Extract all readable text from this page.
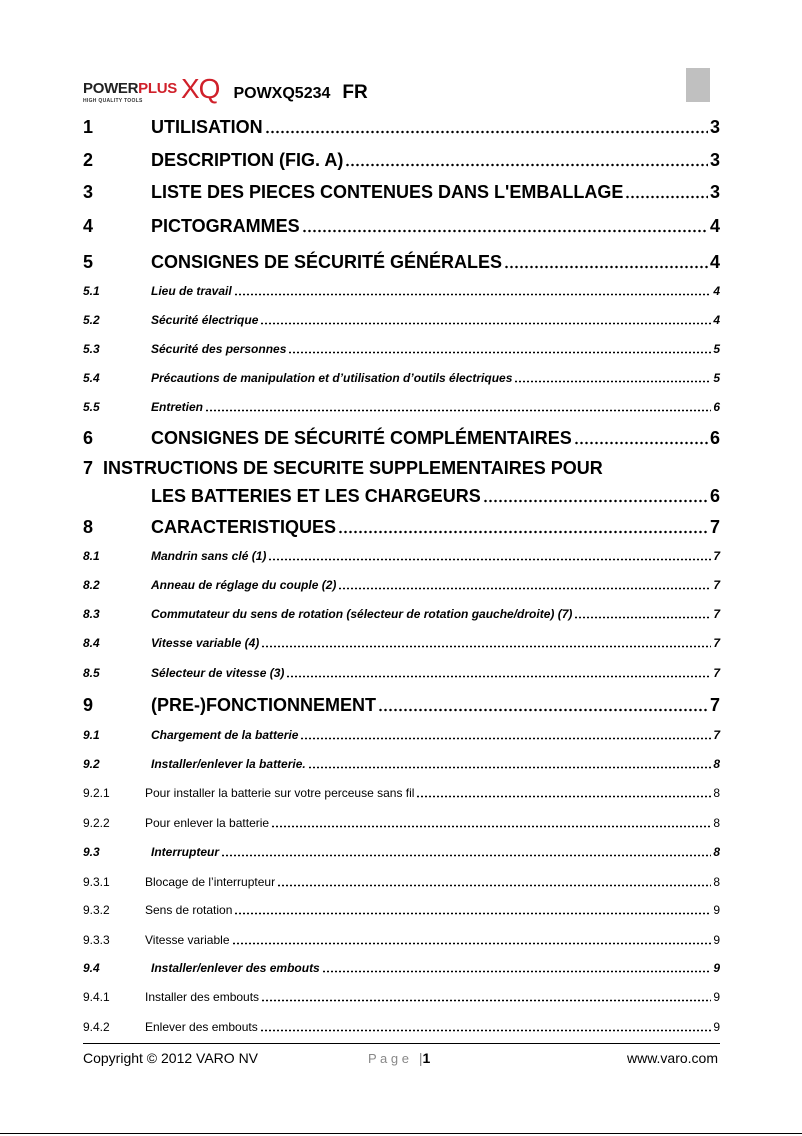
POWERPLUS
HIGH QUALITY TOOLS	XQ POWXQ5234 FR
1	UTILISATION	3
2	DESCRIPTION (FIG. A)	3
3	LISTE DES PIECES CONTENUES DANS L'EMBALLAGE	3
4	PICTOGRAMMES	4
5	CONSIGNES DE SÉCURITÉ GÉNÉRALES	4
5.1	Lieu de travail	4
5.2	Sécurité électrique	4
5.3	Sécurité des personnes	5
5.4	Précautions de manipulation et d’utilisation d’outils électriques	5
5.5	Entretien	6
6	CONSIGNES DE SÉCURITÉ COMPLÉMENTAIRES	6
7 INSTRUCTIONS DE SECURITE SUPPLEMENTAIRES POUR
LES BATTERIES ET LES CHARGEURS	6
8	CARACTERISTIQUES	7
8.1	Mandrin sans clé (1)	7
8.2	Anneau de réglage du couple (2)	7
8.3	Commutateur du sens de rotation (sélecteur de rotation gauche/droite) (7)	7
8.4	Vitesse variable (4)	7
8.5	Sélecteur de vitesse (3)	7
9	(PRE-)FONCTIONNEMENT	7
9.1	Chargement de la batterie	7
9.2	Installer/enlever la batterie.	8
9.2.1	Pour installer la batterie sur votre perceuse sans fil	8
9.2.2	Pour enlever la batterie	8
9.3	Interrupteur	8
9.3.1	Blocage de l’interrupteur	8
9.3.2	Sens de rotation	9
9.3.3	Vitesse variable	9
9.4	Installer/enlever des embouts	9
9.4.1	Installer des embouts	9
9.4.2	Enlever des embouts	9
Copyright © 2012 VARO NV	P a g e |1	www.varo.com
